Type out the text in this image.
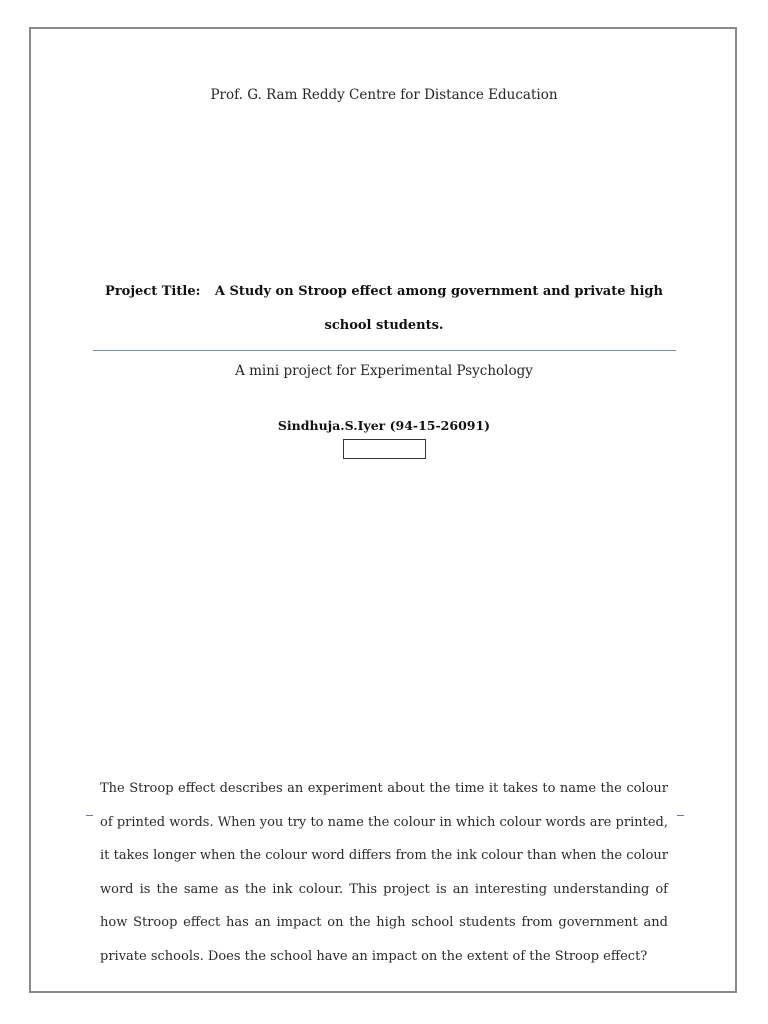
Prof. G. Ram Reddy Centre for Distance Education
Project Title: A Study on Stroop effect among government and private high school students.
A mini project for Experimental Psychology
Sindhuja.S.Iyer (94-15-26091)
The Stroop effect describes an experiment about the time it takes to name the colour of printed words. When you try to name the colour in which colour words are printed, it takes longer when the colour word differs from the ink colour than when the colour word is the same as the ink colour. This project is an interesting understanding of how Stroop effect has an impact on the high school students from government and private schools. Does the school have an impact on the extent of the Stroop effect?
